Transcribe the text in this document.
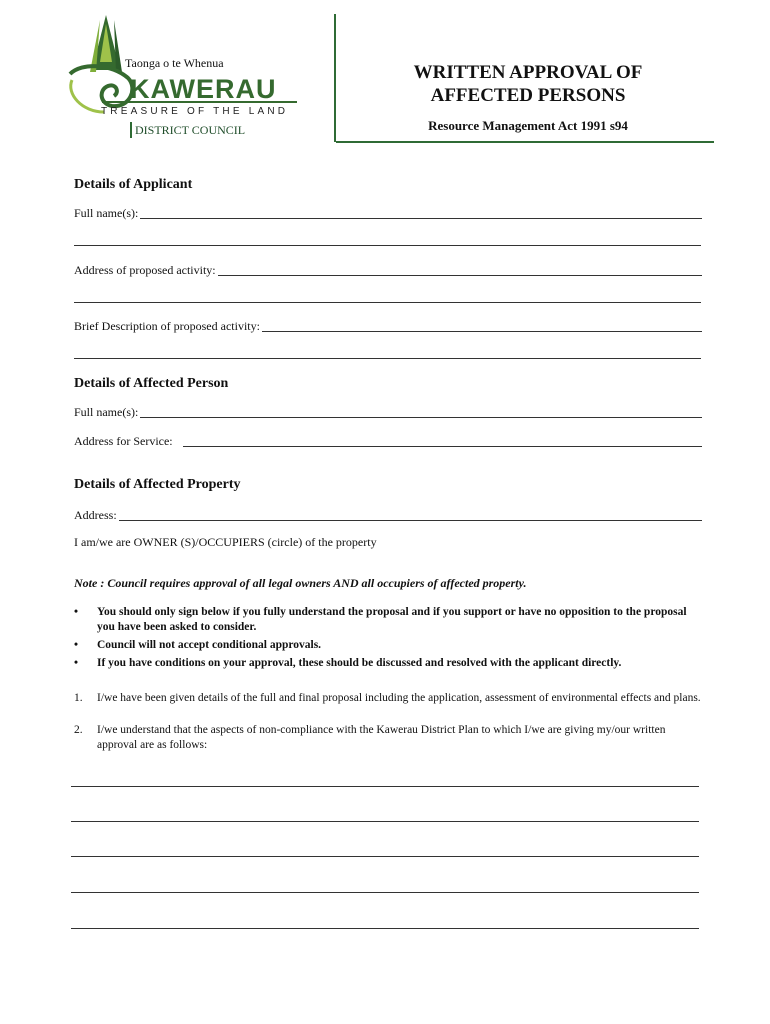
Taonga o te Whenua
KAWERAU
TREASURE OF THE LAND
DISTRICT COUNCIL
WRITTEN APPROVAL OF AFFECTED PERSONS
Resource Management Act 1991 s94
Details of Applicant
Full name(s):
Address of proposed activity:
Brief Description of proposed activity:
Details of Affected Person
Full name(s):
Address for Service:
Details of Affected Property
Address:
I am/we are OWNER (S)/OCCUPIERS (circle) of the property
Note : Council requires approval of all legal owners AND all occupiers of affected property.
• You should only sign below if you fully understand the proposal and if you support or have no opposition to the proposal you have been asked to consider.
• Council will not accept conditional approvals.
• If you have conditions on your approval, these should be discussed and resolved with the applicant directly.
1. I/we have been given details of the full and final proposal including the application, assessment of environmental effects and plans.
2. I/we understand that the aspects of non-compliance with the Kawerau District Plan to which I/we are giving my/our written approval are as follows:
